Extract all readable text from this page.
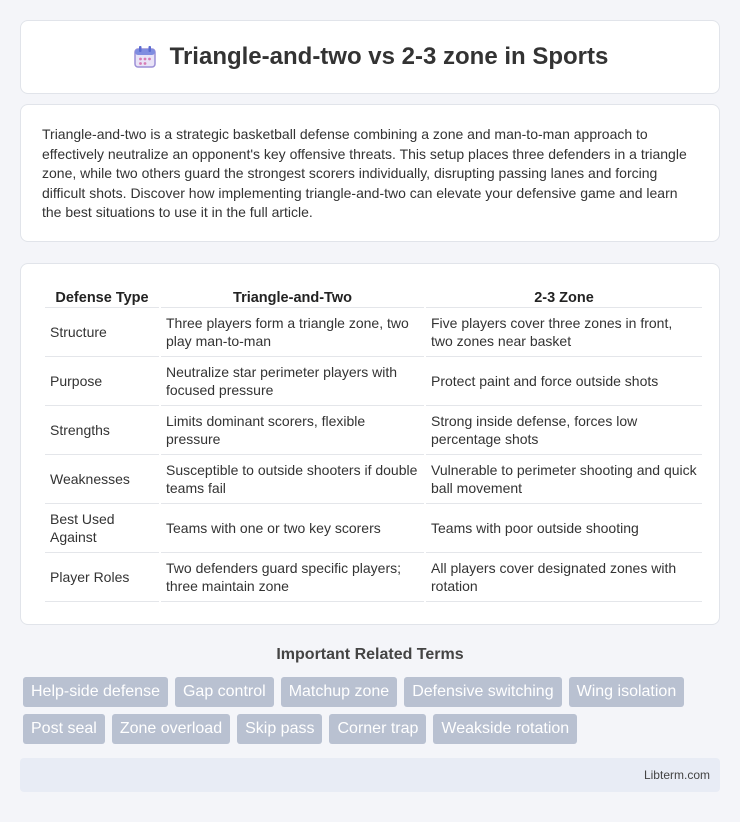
Triangle-and-two vs 2-3 zone in Sports

Triangle-and-two is a strategic basketball defense combining a zone and man-to-man approach to effectively neutralize an opponent's key offensive threats. This setup places three defenders in a triangle zone, while two others guard the strongest scorers individually, disrupting passing lanes and forcing difficult shots. Discover how implementing triangle-and-two can elevate your defensive game and learn the best situations to use it in the full article.

Defense Type	Triangle-and-Two	2-3 Zone
Structure	Three players form a triangle zone, two play man-to-man	Five players cover three zones in front, two zones near basket
Purpose	Neutralize star perimeter players with focused pressure	Protect paint and force outside shots
Strengths	Limits dominant scorers, flexible pressure	Strong inside defense, forces low percentage shots
Weaknesses	Susceptible to outside shooters if double teams fail	Vulnerable to perimeter shooting and quick ball movement
Best Used Against	Teams with one or two key scorers	Teams with poor outside shooting
Player Roles	Two defenders guard specific players; three maintain zone	All players cover designated zones with rotation
Important Related Terms
Help-side defense	Gap control	Matchup zone	Defensive switching	Wing isolation
Post seal	Zone overload	Skip pass	Corner trap	Weakside rotation
Libterm.com
